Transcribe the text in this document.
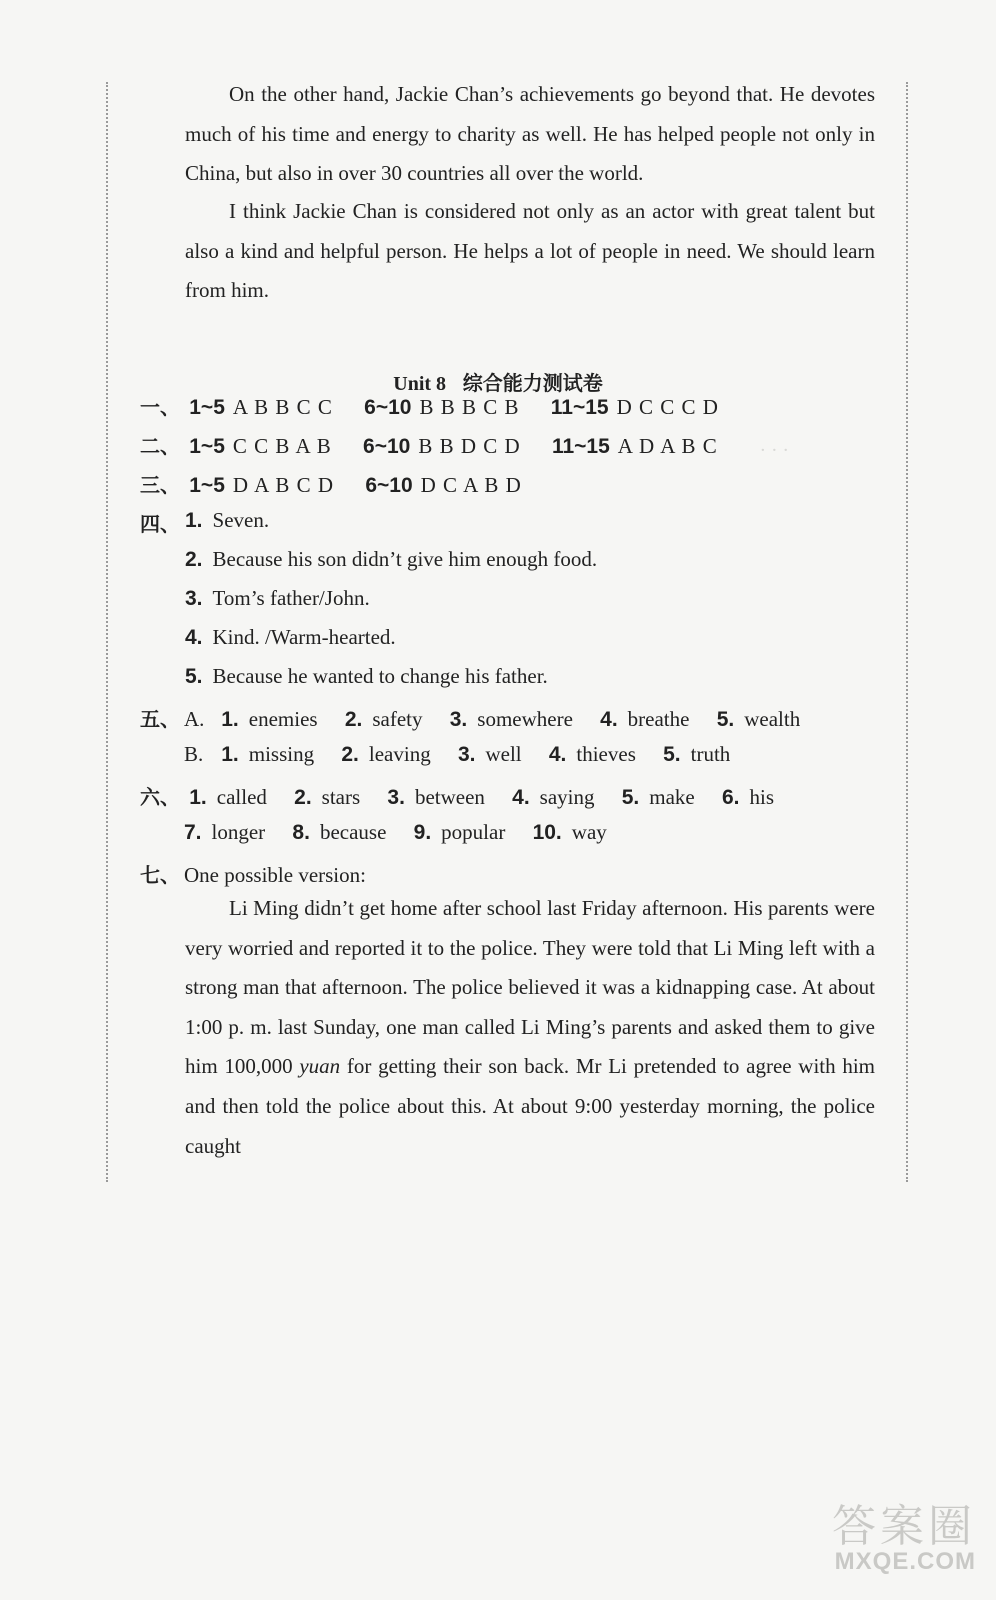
· · ·
On the other hand, Jackie Chan’s achievements go beyond that. He devotes much of his time and energy to charity as well. He has helped people not only in China, but also in over 30 countries all over the world.
I think Jackie Chan is considered not only as an actor with great talent but also a kind and helpful person. He helps a lot of people in need. We should learn from him.
Unit 8 综合能力测试卷
一、 1~5 A B B C C 6~10 B B B C B 11~15 D C C C D
二、 1~5 C C B A B 6~10 B B D C D 11~15 A D A B C
三、 1~5 D A B C D 6~10 D C A B D
四、 1. Seven.
2. Because his son didn’t give him enough food.
3. Tom’s father/John.
4. Kind. /Warm-hearted.
5. Because he wanted to change his father.
五、 A. 1. enemies 2. safety 3. somewhere 4. breathe 5. wealth
B. 1. missing 2. leaving 3. well 4. thieves 5. truth
六、 1. called 2. stars 3. between 4. saying 5. make 6. his
7. longer 8. because 9. popular 10. way
七、 One possible version:
Li Ming didn’t get home after school last Friday afternoon. His parents were very worried and reported it to the police. They were told that Li Ming left with a strong man that afternoon. The police believed it was a kidnapping case. At about 1:00 p. m. last Sunday, one man called Li Ming’s parents and asked them to give him 100,000 yuan for getting their son back. Mr Li pretended to agree with him and then told the police about this. At about 9:00 yesterday morning, the police caught
答案圈
MXQE.COM
